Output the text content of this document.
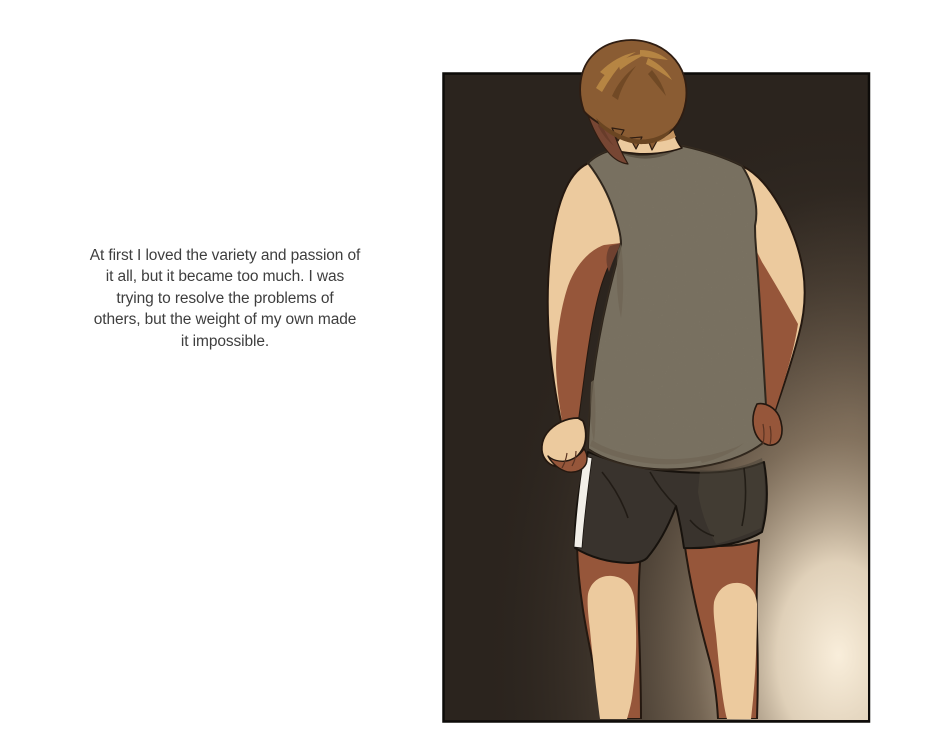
At first I loved the variety and passion of
it all, but it became too much. I was
trying to resolve the problems of
others, but the weight of my own made
it impossible.
